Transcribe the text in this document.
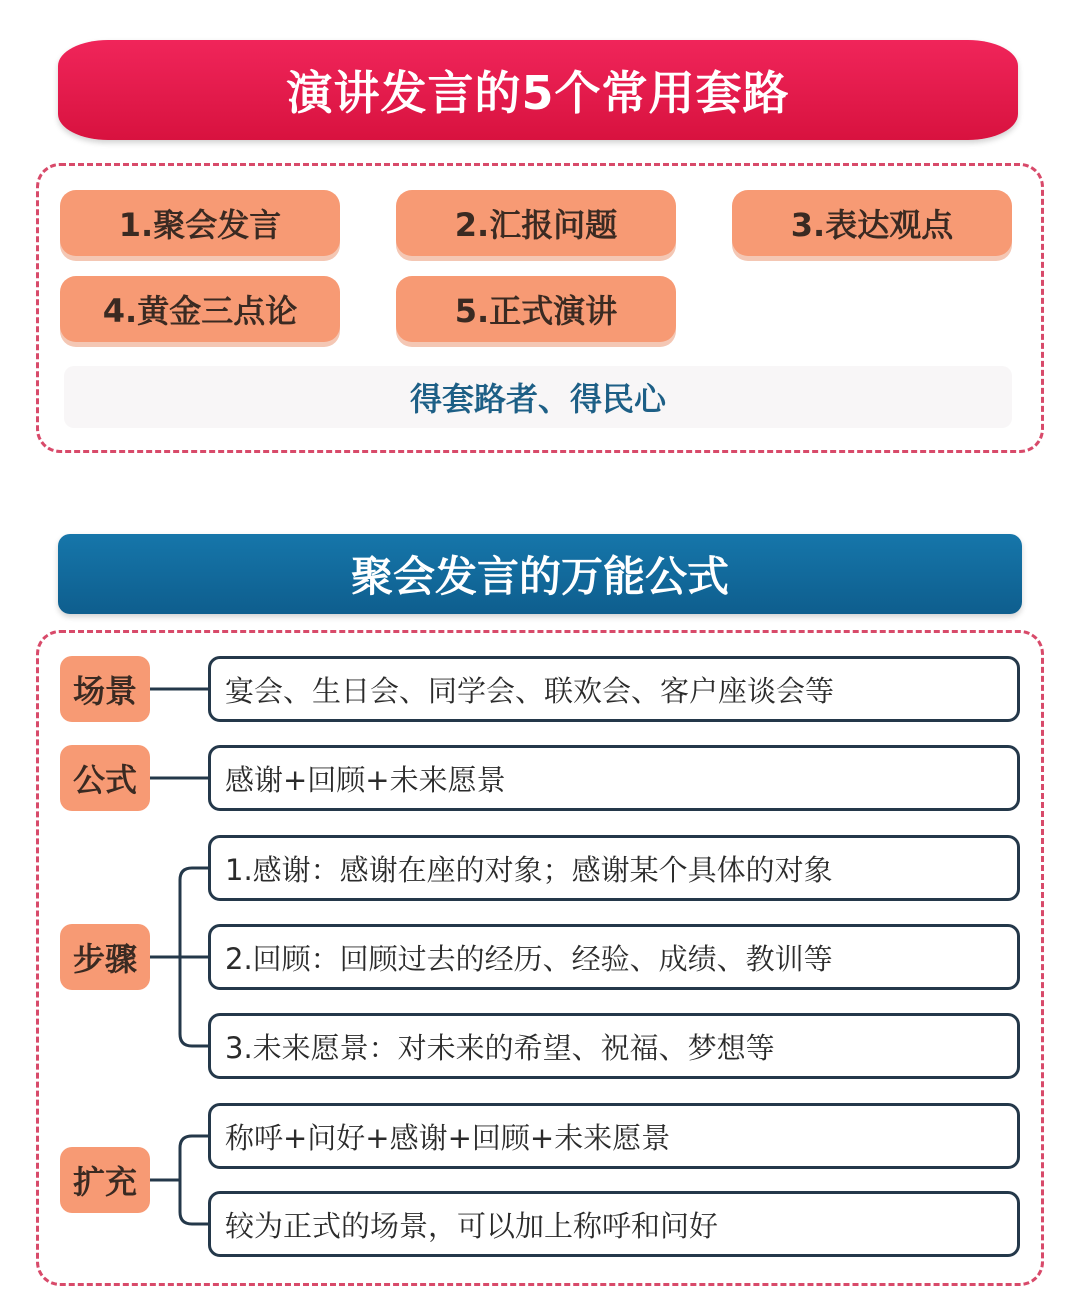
演讲发言的5个常用套路
1.聚会发言	2.汇报问题	3.表达观点
4.黄金三点论	5.正式演讲
得套路者、得民心
聚会发言的万能公式
场景	宴会、生日会、同学会、联欢会、客户座谈会等
公式	感谢+回顾+未来愿景
步骤
1.感谢：感谢在座的对象；感谢某个具体的对象
2.回顾：回顾过去的经历、经验、成绩、教训等
3.未来愿景：对未来的希望、祝福、梦想等
扩充
称呼+问好+感谢+回顾+未来愿景
较为正式的场景，可以加上称呼和问好
